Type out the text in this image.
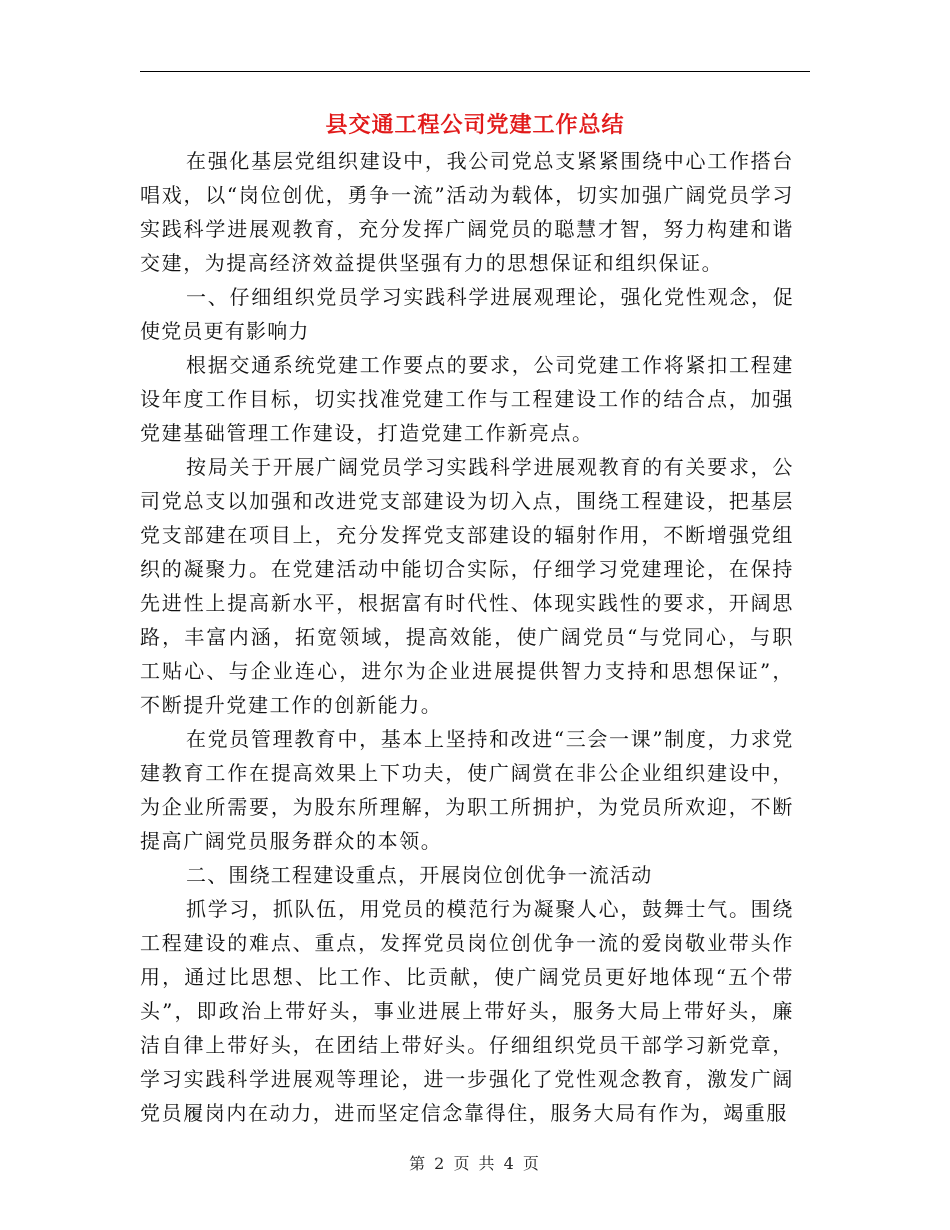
县交通工程公司党建工作总结

在强化基层党组织建设中，我公司党总支紧紧围绕中心工作搭台唱戏，以“岗位创优，勇争一流”活动为载体，切实加强广阔党员学习实践科学进展观教育，充分发挥广阔党员的聪慧才智，努力构建和谐交建，为提高经济效益提供坚强有力的思想保证和组织保证。

一、仔细组织党员学习实践科学进展观理论，强化党性观念，促使党员更有影响力

根据交通系统党建工作要点的要求，公司党建工作将紧扣工程建设年度工作目标，切实找准党建工作与工程建设工作的结合点，加强党建基础管理工作建设，打造党建工作新亮点。

按局关于开展广阔党员学习实践科学进展观教育的有关要求，公司党总支以加强和改进党支部建设为切入点，围绕工程建设，把基层党支部建在项目上，充分发挥党支部建设的辐射作用，不断增强党组织的凝聚力。在党建活动中能切合实际，仔细学习党建理论，在保持先进性上提高新水平，根据富有时代性、体现实践性的要求，开阔思路，丰富内涵，拓宽领域，提高效能，使广阔党员“与党同心，与职工贴心、与企业连心，进尔为企业进展提供智力支持和思想保证”，不断提升党建工作的创新能力。

在党员管理教育中，基本上坚持和改进“三会一课”制度，力求党建教育工作在提高效果上下功夫，使广阔赏在非公企业组织建设中，为企业所需要，为股东所理解，为职工所拥护，为党员所欢迎，不断提高广阔党员服务群众的本领。

二、围绕工程建设重点，开展岗位创优争一流活动

抓学习，抓队伍，用党员的模范行为凝聚人心，鼓舞士气。围绕工程建设的难点、重点，发挥党员岗位创优争一流的爱岗敬业带头作用，通过比思想、比工作、比贡献，使广阔党员更好地体现“五个带头”，即政治上带好头，事业进展上带好头，服务大局上带好头，廉洁自律上带好头，在团结上带好头。仔细组织党员干部学习新党章，学习实践科学进展观等理论，进一步强化了党性观念教育，激发广阔党员履岗内在动力，进而坚定信念靠得住，服务大局有作为，竭重服

第 2 页 共 4 页
